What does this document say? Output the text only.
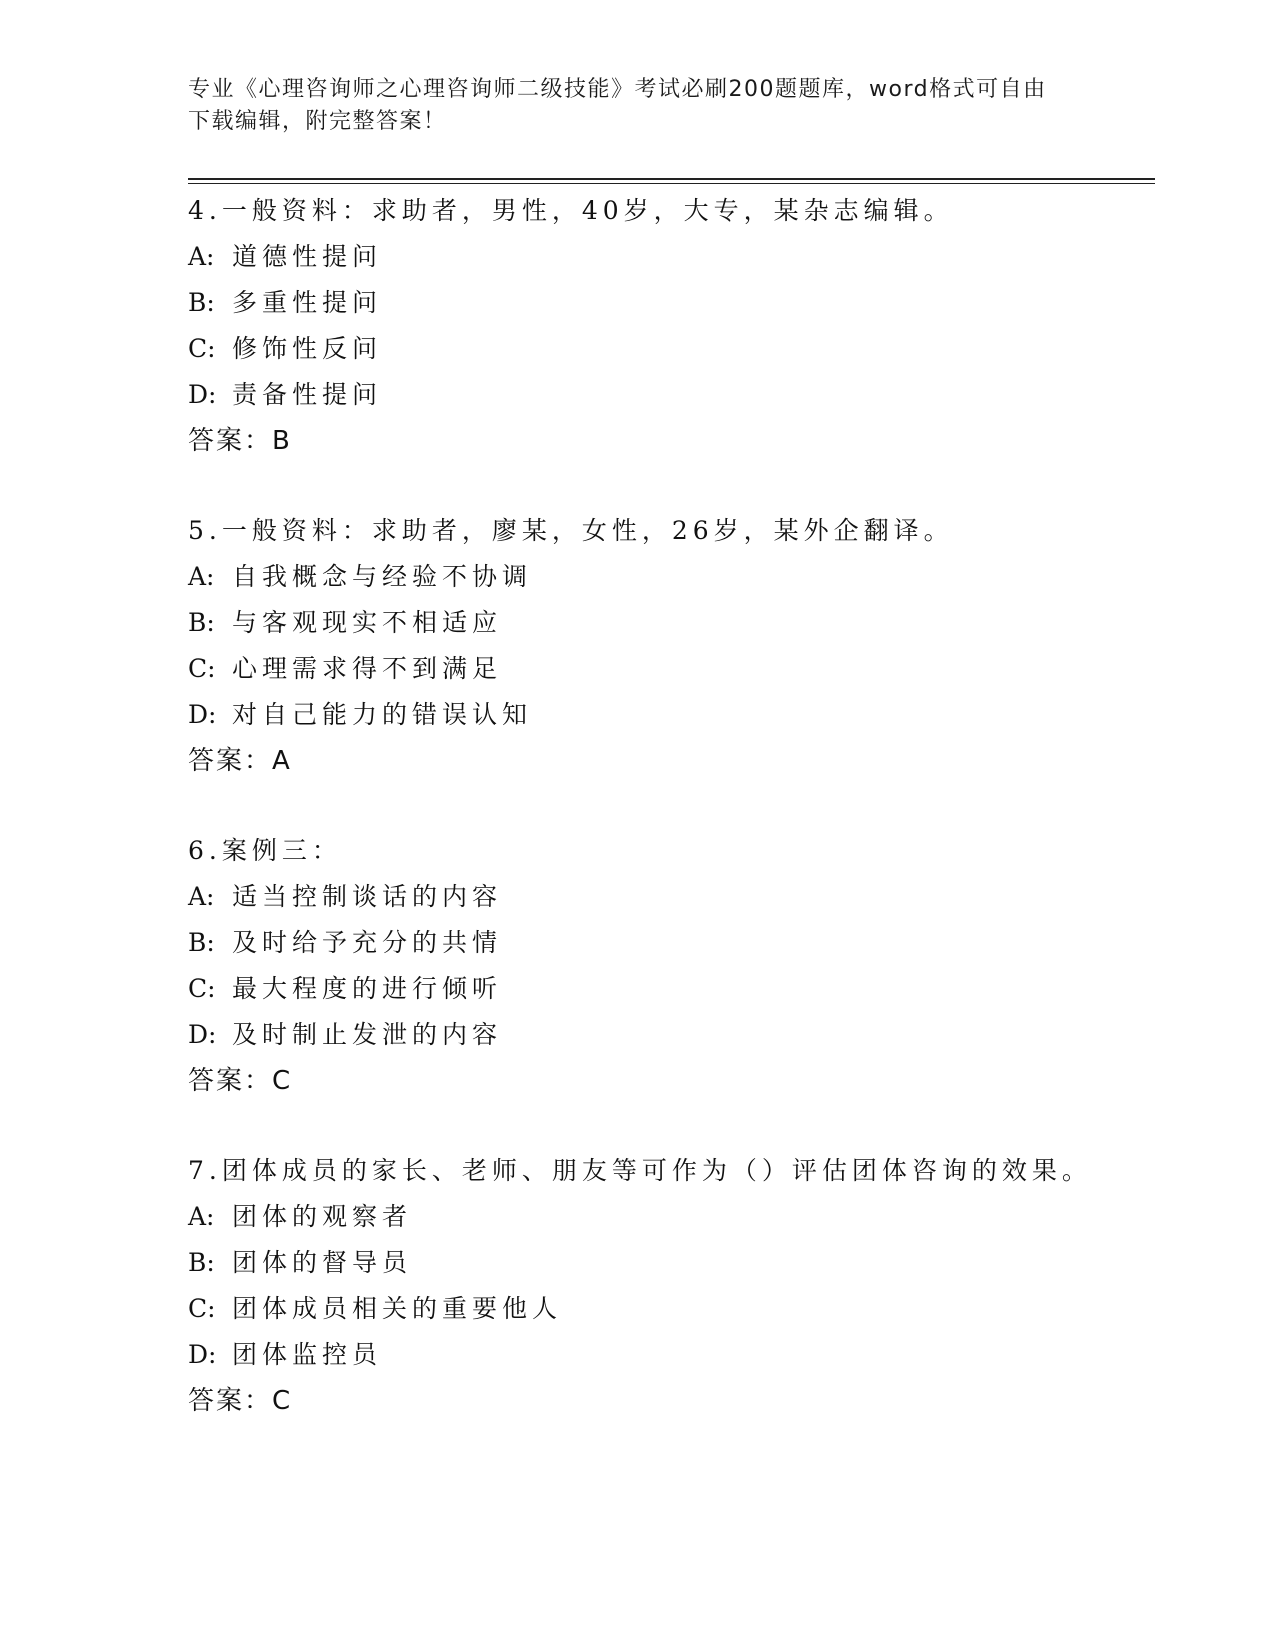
专业《心理咨询师之心理咨询师二级技能》考试必刷200题题库，word格式可自由下载编辑，附完整答案！
4.一般资料：求助者，男性，40岁，大专，某杂志编辑。
A: 道德性提问
B: 多重性提问
C: 修饰性反问
D: 责备性提问
答案：B
5.一般资料：求助者，廖某，女性，26岁，某外企翻译。
A: 自我概念与经验不协调
B: 与客观现实不相适应
C: 心理需求得不到满足
D: 对自己能力的错误认知
答案：A
6.案例三：
A: 适当控制谈话的内容
B: 及时给予充分的共情
C: 最大程度的进行倾听
D: 及时制止发泄的内容
答案：C
7.团体成员的家长、老师、朋友等可作为（）评估团体咨询的效果。
A: 团体的观察者
B: 团体的督导员
C: 团体成员相关的重要他人
D: 团体监控员
答案：C
